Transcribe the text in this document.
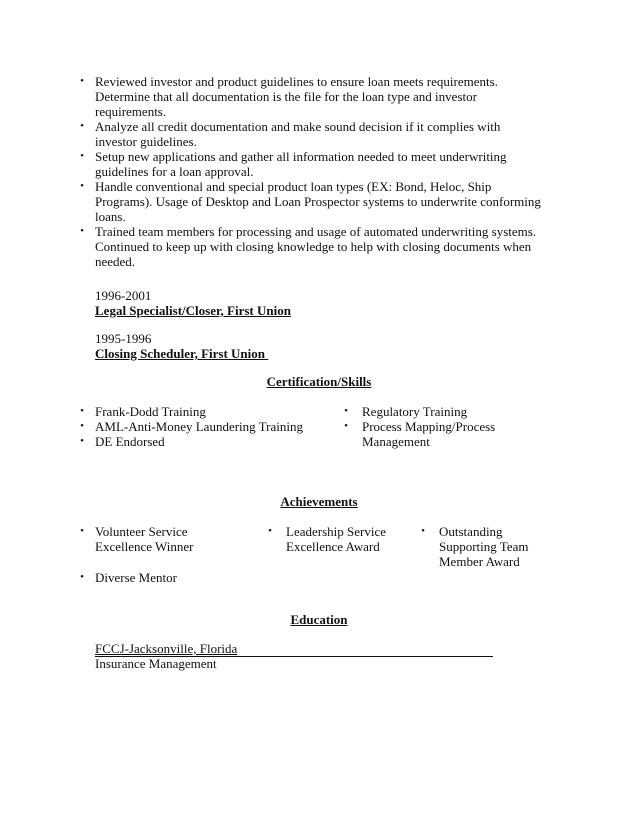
• Reviewed investor and product guidelines to ensure loan meets requirements. Determine that all documentation is the file for the loan type and investor requirements.
• Analyze all credit documentation and make sound decision if it complies with investor guidelines.
• Setup new applications and gather all information needed to meet underwriting guidelines for a loan approval.
• Handle conventional and special product loan types (EX: Bond, Heloc, Ship Programs). Usage of Desktop and Loan Prospector systems to underwrite conforming loans.
• Trained team members for processing and usage of automated underwriting systems. Continued to keep up with closing knowledge to help with closing documents when needed.
1996-2001
Legal Specialist/Closer, First Union
1995-1996
Closing Scheduler, First Union
Certification/Skills
• Frank-Dodd Training
• AML-Anti-Money Laundering Training
• DE Endorsed
• Regulatory Training
• Process Mapping/Process Management
Achievements
• Volunteer Service Excellence Winner
• Leadership Service Excellence Award
• Outstanding Supporting Team Member Award
• Diverse Mentor
Education
FCCJ-Jacksonville, Florida
Insurance Management
